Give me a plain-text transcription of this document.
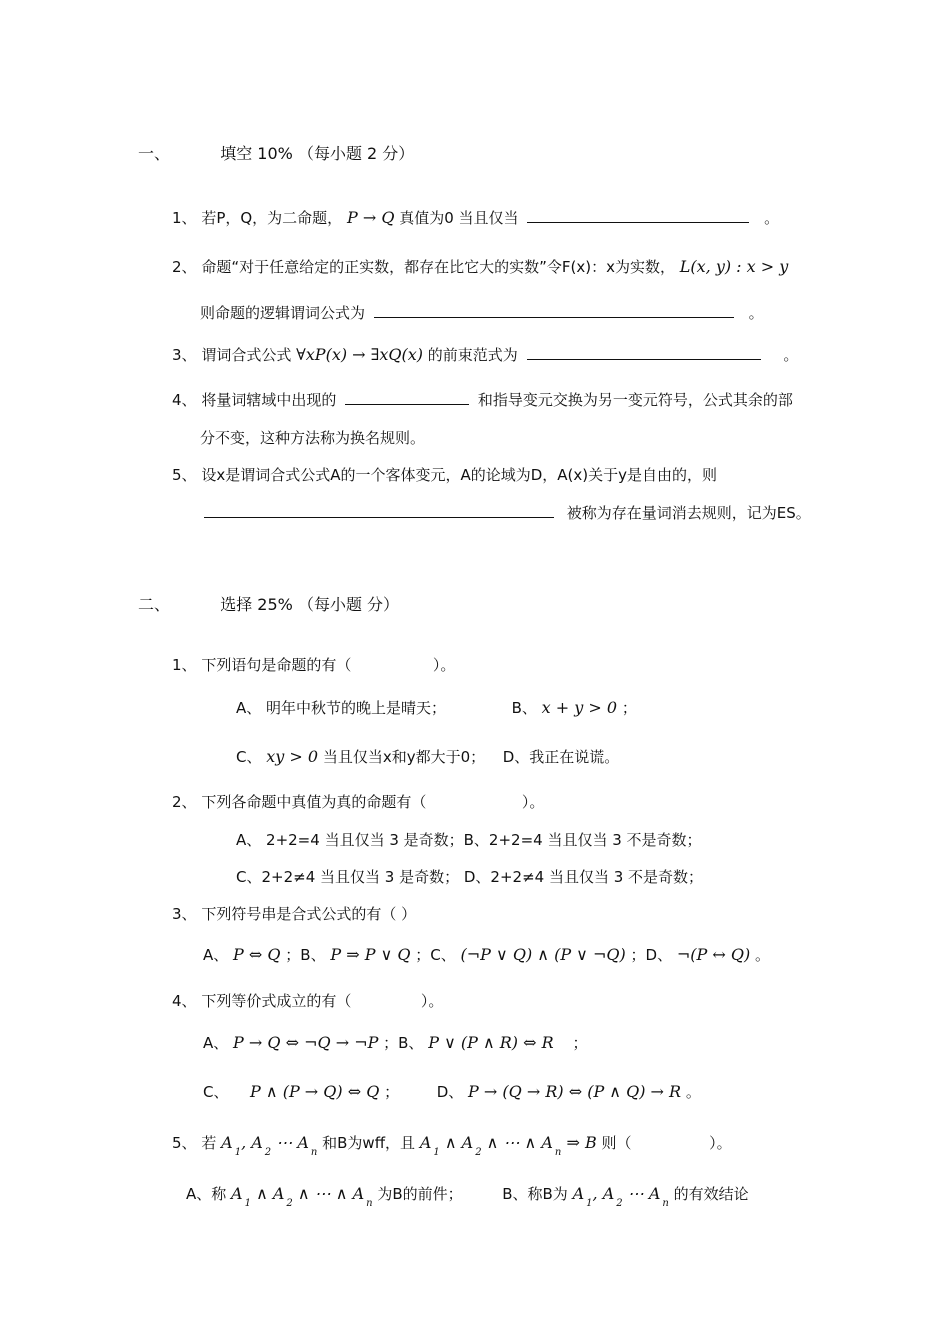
一、	填空 10% （每小题 2 分）
1、 若P，Q，为二命题， P → Q 真值为0 当且仅当	。
2、 命题“对于任意给定的正实数，都存在比它大的实数”令F(x)：x为实数， L(x, y) : x > y
则命题的逻辑谓词公式为	。
3、 谓词合式公式 ∀xP(x) → ∃xQ(x) 的前束范式为	。
4、 将量词辖域中出现的	和指导变元交换为另一变元符号，公式其余的部
分不变，这种方法称为换名规则。
5、 设x是谓词合式公式A的一个客体变元，A的论域为D，A(x)关于y是自由的，则
被称为存在量词消去规则，记为ES。
二、	选择 25% （每小题 分）
1、 下列语句是命题的有（	）。
A、 明年中秋节的晚上是晴天；	B、 x + y > 0 ；
C、 xy > 0 当且仅当x和y都大于0； D、我正在说谎。
2、 下列各命题中真值为真的命题有（	）。
A、 2+2=4 当且仅当 3 是奇数；B、2+2=4 当且仅当 3 不是奇数；
C、2+2≠4 当且仅当 3 是奇数； D、2+2≠4 当且仅当 3 不是奇数；
3、 下列符号串是合式公式的有（ ）
A、 P ⇔ Q ；B、 P ⇒ P ∨ Q ；C、 (¬P ∨ Q) ∧ (P ∨ ¬Q) ；D、 ¬(P ↔ Q) 。
4、 下列等价式成立的有（	）。
A、 P → Q ⇔ ¬Q → ¬P ；B、 P ∨ (P ∧ R) ⇔ R ；
C、 P ∧ (P → Q) ⇔ Q ；	D、 P → (Q → R) ⇔ (P ∧ Q) → R 。
5、 若 $A_1$, $A_2$ ⋯ $A_n$ 和B为wff，且 $A_1$ ∧ $A_2$ ∧ ⋯ ∧ $A_n$ ⇒ B 则（	）。
A、称 $A_1$ ∧ $A_2$ ∧ ⋯ ∧ $A_n$ 为B的前件；	B、称B为 $A_1$, $A_2$ ⋯ $A_n$ 的有效结论
